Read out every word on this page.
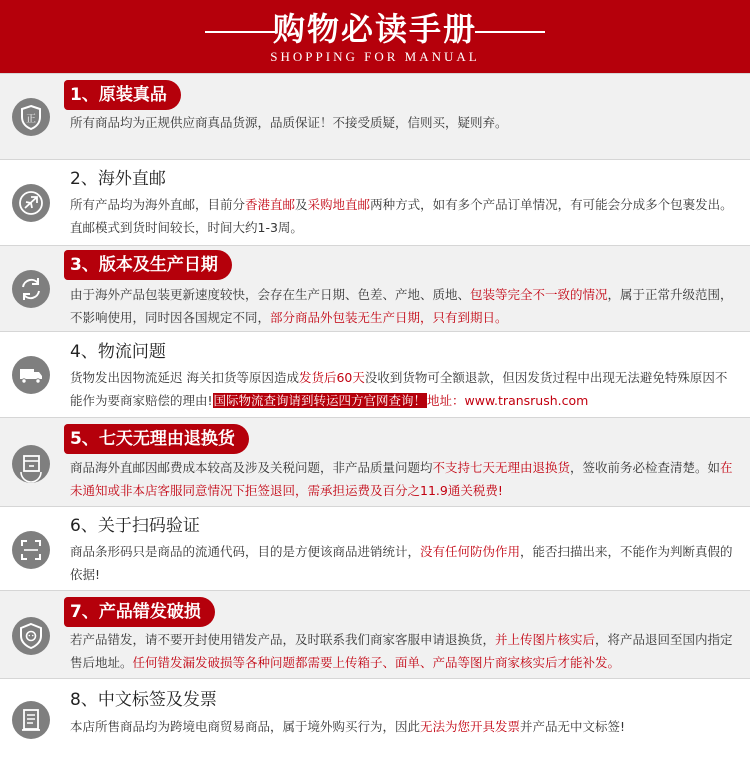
购物必读手册
SHOPPING FOR MANUAL
正
1、原装真品
所有商品均为正规供应商真品货源，品质保证！不接受质疑，信则买，疑则弃。
2、海外直邮
所有产品均为海外直邮，目前分香港直邮及采购地直邮两种方式，如有多个产品订单情况，有可能会分成多个包裹发出。直邮模式到货时间较长，时间大约1-3周。
3、版本及生产日期
由于海外产品包装更新速度较快，会存在生产日期、色差、产地、质地、包装等完全不一致的情况，属于正常升级范围，不影响使用，同时因各国规定不同，部分商品外包装无生产日期，只有到期日。
4、物流问题
货物发出因物流延迟 海关扣货等原因造成发货后60天没收到货物可全额退款，但因发货过程中出现无法避免特殊原因不能作为要商家赔偿的理由!国际物流查询请到转运四方官网查询！地址：www.transrush.com
5、七天无理由退换货
商品海外直邮因邮费成本较高及涉及关税问题，非产品质量问题均不支持七天无理由退换货，签收前务必检查清楚。如在未通知或非本店客服同意情况下拒签退回，需承担运费及百分之11.9通关税费!
6、关于扫码验证
商品条形码只是商品的流通代码，目的是方便该商品进销统计，没有任何防伪作用，能否扫描出来，不能作为判断真假的依据!
7、产品错发破损
若产品错发，请不要开封使用错发产品，及时联系我们商家客服申请退换货，并上传图片核实后，将产品退回至国内指定售后地址。任何错发漏发破损等各种问题都需要上传箱子、面单、产品等图片商家核实后才能补发。
8、中文标签及发票
本店所售商品均为跨境电商贸易商品，属于境外购买行为，因此无法为您开具发票并产品无中文标签!
